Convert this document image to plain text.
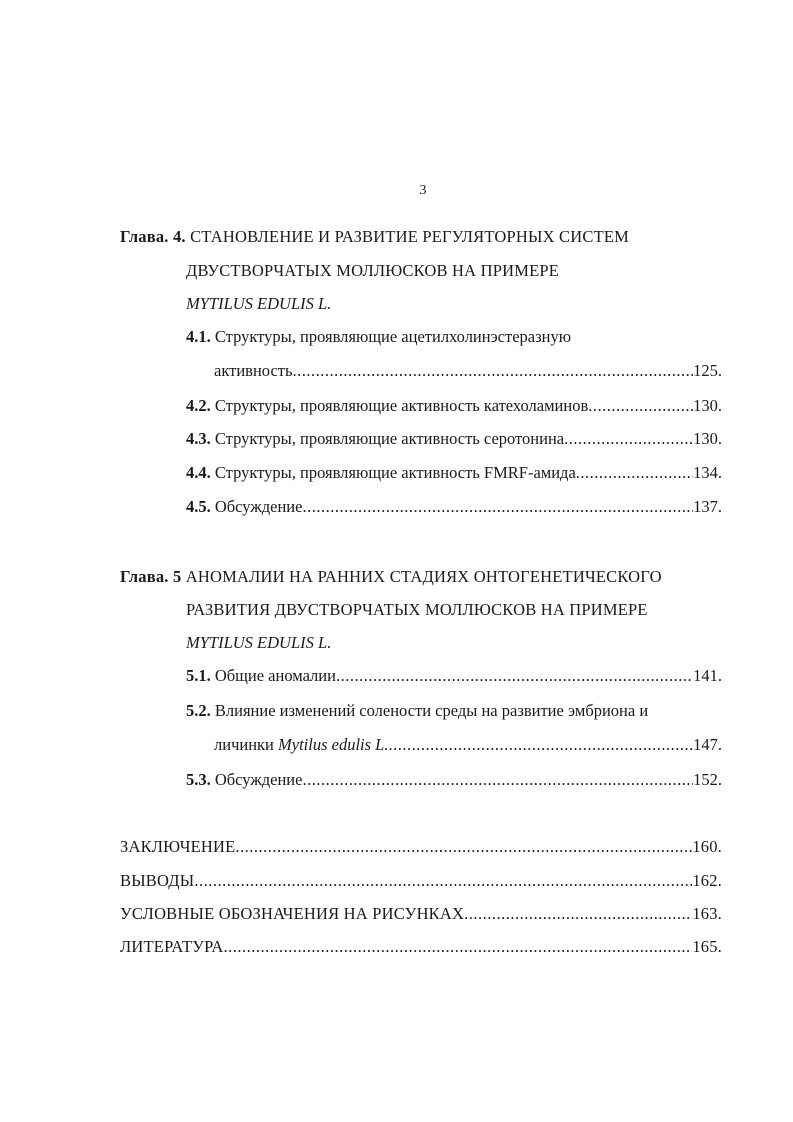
3
Глава. 4. СТАНОВЛЕНИЕ И РАЗВИТИЕ РЕГУЛЯТОРНЫХ СИСТЕМ
ДВУСТВОРЧАТЫХ МОЛЛЮСКОВ НА ПРИМЕРЕ
MYTILUS EDULIS L.
4.1. Структуры, проявляющие ацетилхолинэстеразную
активность .....	125.
4.2. Структуры, проявляющие активность катехоламинов .....	130.
4.3. Структуры, проявляющие активность серотонина .....	130.
4.4. Структуры, проявляющие активность FMRF-амида .....	134.
4.5. Обсуждение .....	137.
Глава. 5 АНОМАЛИИ НА РАННИХ СТАДИЯХ ОНТОГЕНЕТИЧЕСКОГО
РАЗВИТИЯ ДВУСТВОРЧАТЫХ МОЛЛЮСКОВ НА ПРИМЕРЕ
MYTILUS EDULIS L.
5.1. Общие аномалии .....	141.
5.2. Влияние изменений солености среды на развитие эмбриона и
личинки Mytilus edulis L. .....	147.
5.3. Обсуждение .....	152.
ЗАКЛЮЧЕНИЕ .....	160.
ВЫВОДЫ .....	162.
УСЛОВНЫЕ ОБОЗНАЧЕНИЯ НА РИСУНКАХ .....	163.
ЛИТЕРАТУРА .....	165.
